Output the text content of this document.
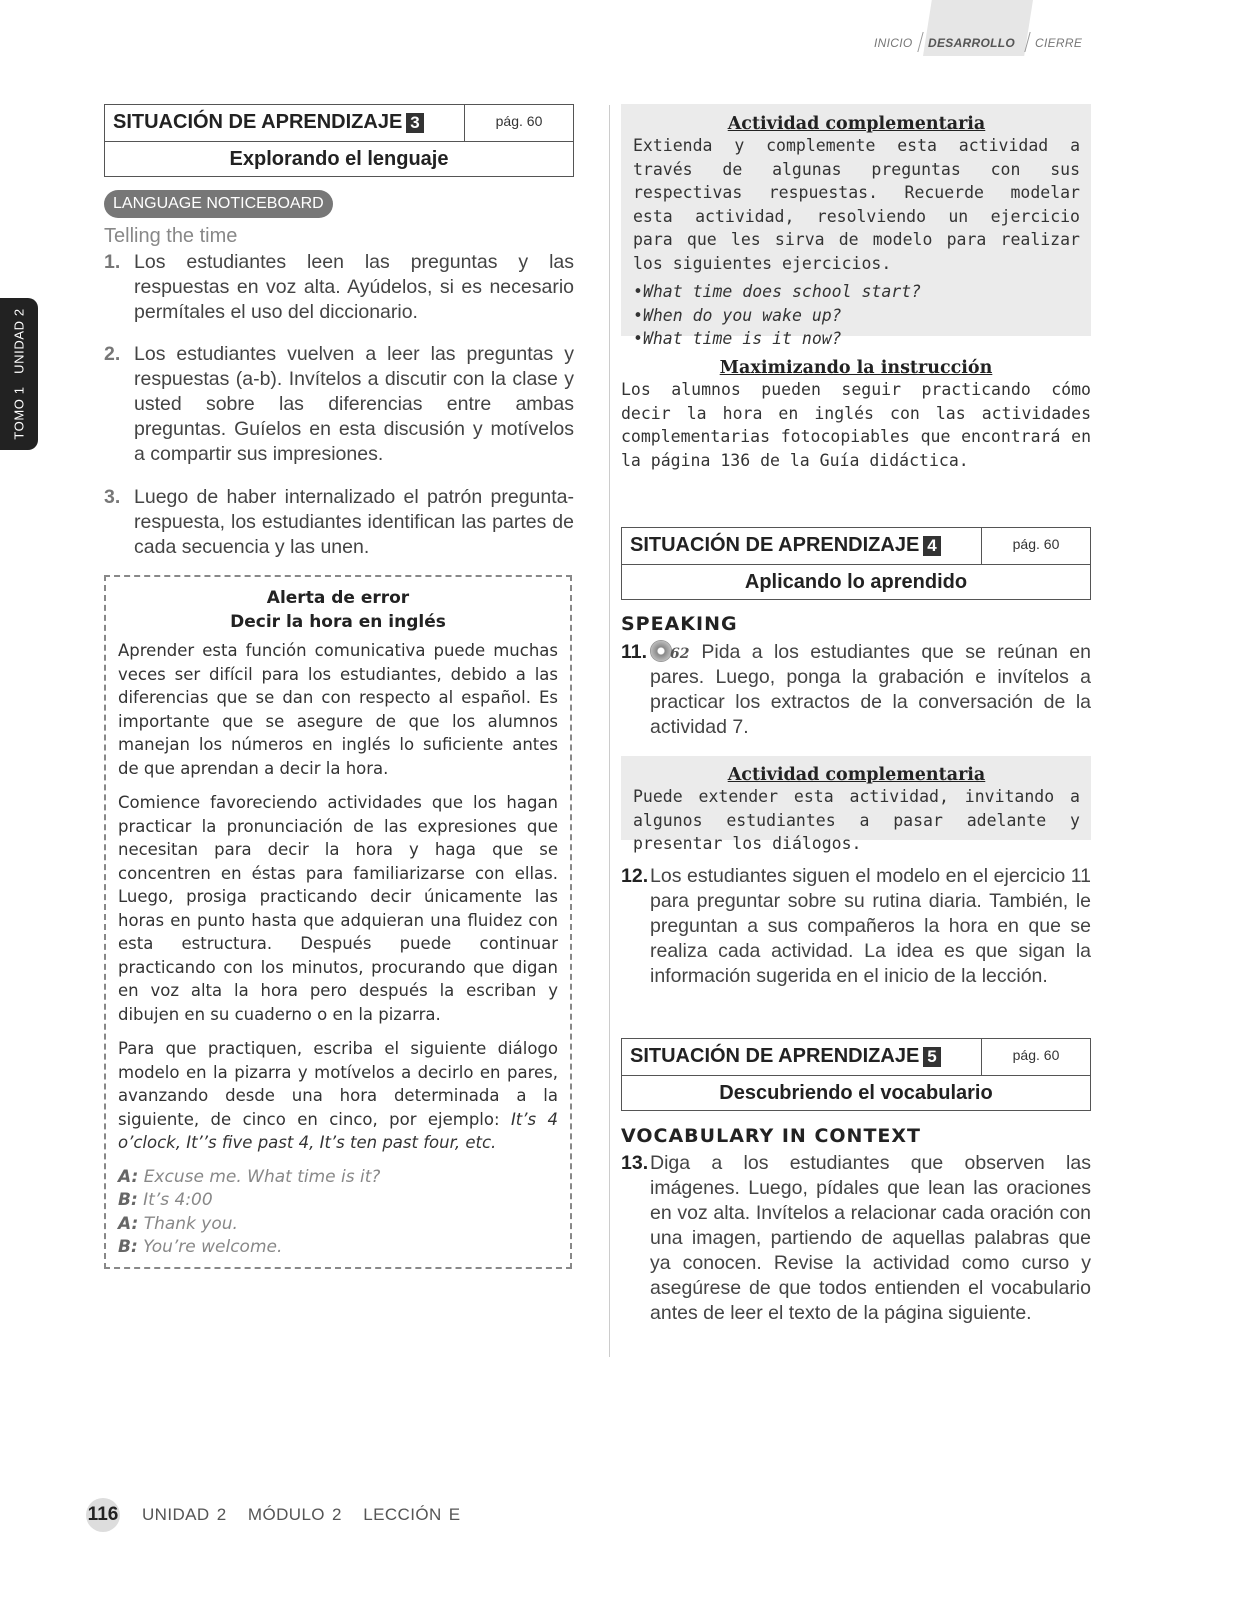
INICIO DESARROLLO CIERRE
TOMO 1   UNIDAD 2
SITUACIÓN DE APRENDIZAJE 3	pág. 60
Explorando el lenguaje
LANGUAGE NOTICEBOARD
Telling the time
1. Los estudiantes leen las preguntas y las respuestas en voz alta. Ayúdelos, si es necesario permítales el uso del diccionario.
2. Los estudiantes vuelven a leer las preguntas y respuestas (a-b). Invítelos a discutir con la clase y usted sobre las diferencias entre ambas preguntas. Guíelos en esta discusión y motívelos a compartir sus impresiones.
3. Luego de haber internalizado el patrón pregunta-respuesta, los estudiantes identifican las partes de cada secuencia y las unen.
Alerta de error
Decir la hora en inglés
Aprender esta función comunicativa puede muchas veces ser difícil para los estudiantes, debido a las diferencias que se dan con respecto al español. Es importante que se asegure de que los alumnos manejan los números en inglés lo suficiente antes de que aprendan a decir la hora.
Comience favoreciendo actividades que los hagan practicar la pronunciación de las expresiones que necesitan para decir la hora y haga que se concentren en éstas para familiarizarse con ellas. Luego, prosiga practicando decir únicamente las horas en punto hasta que adquieran una fluidez con esta estructura. Después puede continuar practicando con los minutos, procurando que digan en voz alta la hora pero después la escriban y dibujen en su cuaderno o en la pizarra.
Para que practiquen, escriba el siguiente diálogo modelo en la pizarra y motívelos a decirlo en pares, avanzando desde una hora determinada a la siguiente, de cinco en cinco, por ejemplo: It’s 4 o’clock, It’’s five past 4, It’s ten past four, etc.
A: Excuse me. What time is it?
B: It’s 4:00
A: Thank you.
B: You’re welcome.
Actividad complementaria
Extienda y complemente esta actividad a través de algunas preguntas con sus respectivas respuestas. Recuerde modelar esta actividad, resolviendo un ejercicio para que les sirva de modelo para realizar los siguientes ejercicios.
•What time does school start?
•When do you wake up?
•What time is it now?
Maximizando la instrucción
Los alumnos pueden seguir practicando cómo decir la hora en inglés con las actividades complementarias fotocopiables que encontrará en la página 136 de la Guía didáctica.
SITUACIÓN DE APRENDIZAJE 4	pág. 60
Aplicando lo aprendido
SPEAKING
11. 62 Pida a los estudiantes que se reúnan en pares. Luego, ponga la grabación e invítelos a practicar los extractos de la conversación de la actividad 7.
Actividad complementaria
Puede extender esta actividad, invitando a algunos estudiantes a pasar adelante y presentar los diálogos.
12. Los estudiantes siguen el modelo en el ejercicio 11 para preguntar sobre su rutina diaria. También, le preguntan a sus compañeros la hora en que se realiza cada actividad. La idea es que sigan la información sugerida en el inicio de la lección.
SITUACIÓN DE APRENDIZAJE 5	pág. 60
Descubriendo el vocabulario
VOCABULARY IN CONTEXT
13. Diga a los estudiantes que observen las imágenes. Luego, pídales que lean las oraciones en voz alta. Invítelos a relacionar cada oración con una imagen, partiendo de aquellas palabras que ya conocen. Revise la actividad como curso y asegúrese de que todos entienden el vocabulario antes de leer el texto de la página siguiente.
116 UNIDAD 2   MÓDULO 2   LECCIÓN E
